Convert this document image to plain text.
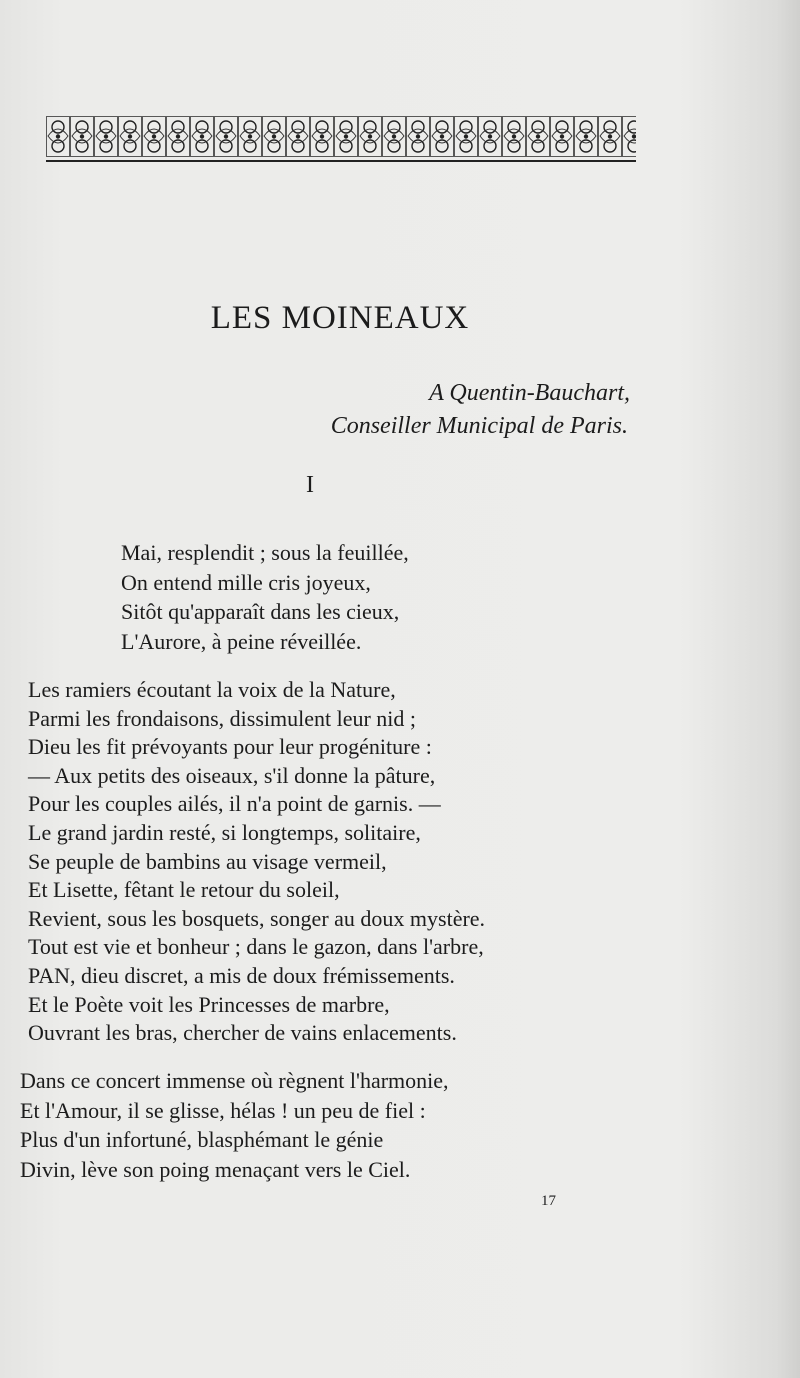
LES MOINEAUX

A Quentin-Bauchart,

Conseiller Municipal de Paris.

I
Mai, resplendit ; sous la feuillée,
On entend mille cris joyeux,
Sitôt qu'apparaît dans les cieux,
L'Aurore, à peine réveillée.
Les ramiers écoutant la voix de la Nature,
Parmi les frondaisons, dissimulent leur nid ;
Dieu les fit prévoyants pour leur progéniture :
— Aux petits des oiseaux, s'il donne la pâture,
Pour les couples ailés, il n'a point de garnis. —
Le grand jardin resté, si longtemps, solitaire,
Se peuple de bambins au visage vermeil,
Et Lisette, fêtant le retour du soleil,
Revient, sous les bosquets, songer au doux mystère.
Tout est vie et bonheur ; dans le gazon, dans l'arbre,
PAN, dieu discret, a mis de doux frémissements.
Et le Poète voit les Princesses de marbre,
Ouvrant les bras, chercher de vains enlacements.
Dans ce concert immense où règnent l'harmonie,
Et l'Amour, il se glisse, hélas ! un peu de fiel :
Plus d'un infortuné, blasphémant le génie
Divin, lève son poing menaçant vers le Ciel.
17
